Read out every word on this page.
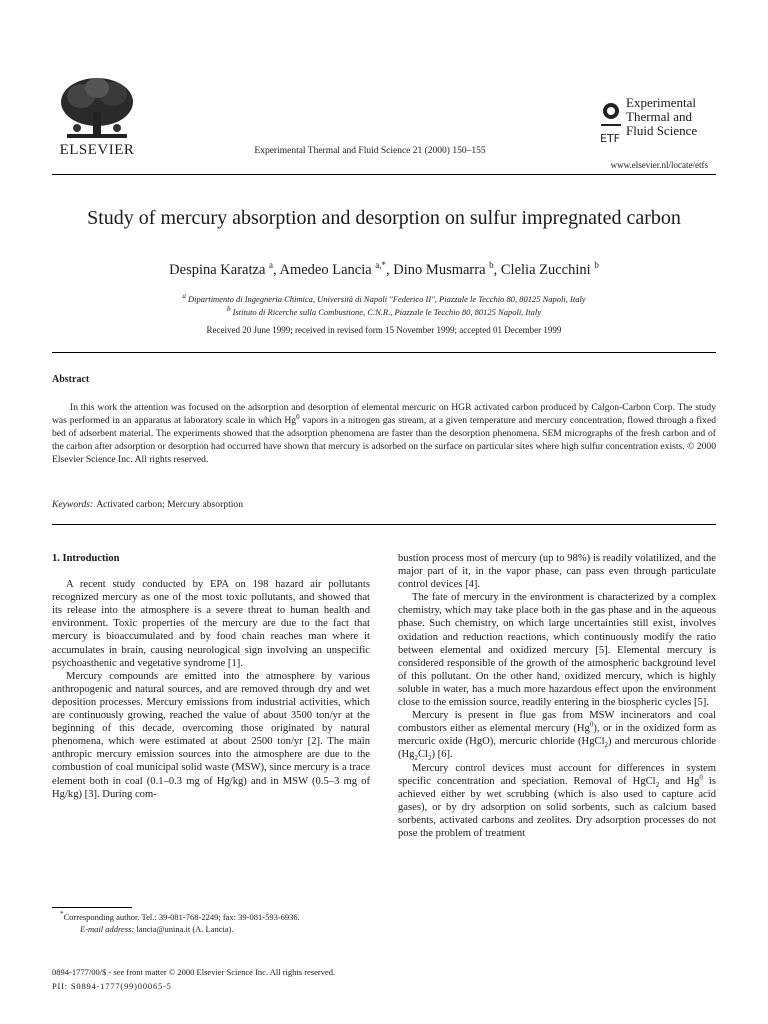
ELSEVIER	Experimental Thermal and Fluid Science 21 (2000) 150–155
ETF
Experimental
Thermal and
Fluid Science
www.elsevier.nl/locate/etfs
Study of mercury absorption and desorption on sulfur impregnated carbon
Despina Karatza $^a$, Amedeo Lancia $^{a,*}$, Dino Musmarra $^b$, Clelia Zucchini $^b$
$^a$ Dipartimento di Ingegneria Chimica, Università di Napoli "Federico II", Piazzale le Tecchio 80, 80125 Napoli, Italy
$^b$ Istituto di Ricerche sulla Combustione, C.N.R., Piazzale le Tecchio 80, 80125 Napoli, Italy
Received 20 June 1999; received in revised form 15 November 1999; accepted 01 December 1999
Abstract
In this work the attention was focused on the adsorption and desorption of elemental mercuric on HGR activated carbon produced by Calgon-Carbon Corp. The study was performed in an apparatus at laboratory scale in which Hg$^0$ vapors in a nitrogen gas stream, at a given temperature and mercury concentration, flowed through a fixed bed of adsorbent material. The experiments showed that the adsorption phenomena are faster than the desorption phenomena. SEM micrographs of the fresh carbon and of the carbon after adsorption or desorption had occurred have shown that mercury is adsorbed on the surface on particular sites where high sulfur concentration exists. © 2000 Elsevier Science Inc. All rights reserved.
Keywords: Activated carbon; Mercury absorption
1. Introduction

A recent study conducted by EPA on 198 hazard air pollutants recognized mercury as one of the most toxic pollutants, and showed that its release into the atmosphere is a severe threat to human health and environment. Toxic properties of the mercury are due to the fact that mercury is bioaccumulated and by food chain reaches man where it accumulates in brain, causing neurological sign involving an unspecific psychoasthenic and vegetative syndrome [1].

Mercury compounds are emitted into the atmosphere by various anthropogenic and natural sources, and are removed through dry and wet deposition processes. Mercury emissions from industrial activities, which are continuously growing, reached the value of about 3500 ton/yr at the beginning of this decade, overcoming those originated by natural phenomena, which were estimated at about 2500 ton/yr [2]. The main anthropic mercury emission sources into the atmosphere are due to the combustion of coal municipal solid waste (MSW), since mercury is a trace element both in coal (0.1–0.3 mg of Hg/kg) and in MSW (0.5–3 mg of Hg/kg) [3]. During com-

bustion process most of mercury (up to 98%) is readily volatilized, and the major part of it, in the vapor phase, can pass even through particulate control devices [4].

The fate of mercury in the environment is characterized by a complex chemistry, which may take place both in the gas phase and in the aqueous phase. Such chemistry, on which large uncertainties still exist, involves oxidation and reduction reactions, which continuously modify the ratio between elemental and oxidized mercury [5]. Elemental mercury is considered responsible of the growth of the atmospheric background level of this pollutant. On the other hand, oxidized mercury, which is highly soluble in water, has a much more hazardous effect upon the environment close to the emission source, readily entering in the biospheric cycles [5].

Mercury is present in flue gas from MSW incinerators and coal combustors either as elemental mercury (Hg$^0$), or in the oxidized form as mercuric oxide (HgO), mercuric chloride (HgCl$_2$) and mercurous chloride $(Hg_2Cl_2)$ [6].

Mercury control devices must account for differences in system specific concentration and speciation. Removal of HgCl$_2$ and Hg$^0$ is achieved either by wet scrubbing (which is also used to capture acid gases), or by dry adsorption on solid sorbents, such as calcium based sorbents, activated carbons and zeolites. Dry adsorption processes do not pose the problem of treatment

*Corresponding author. Tel.: 39-081-768-2249; fax: 39-081-593-6936.
E-mail address: lancia@unina.it (A. Lancia).
0894-1777/00/$ - see front matter © 2000 Elsevier Science Inc. All rights reserved.
PII: S0894-1777(99)00065-5
